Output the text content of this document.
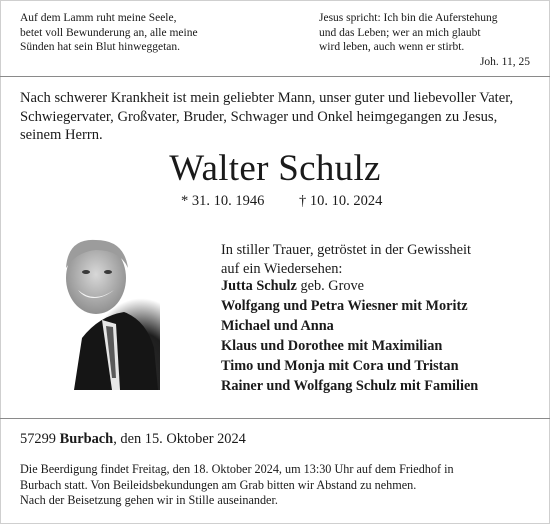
Auf dem Lamm ruht meine Seele,
betet voll Bewunderung an, alle meine
Sünden hat sein Blut hinweggetan.
Jesus spricht: Ich bin die Auferstehung
und das Leben; wer an mich glaubt
wird leben, auch wenn er stirbt.
Joh. 11, 25
Nach schwerer Krankheit ist mein geliebter Mann, unser guter und liebevoller Vater,
Schwiegervater, Großvater, Bruder, Schwager und Onkel heimgegangen zu Jesus,
seinem Herrn.
Walter Schulz
* 31. 10. 1946 † 10. 10. 2024
In stiller Trauer, getröstet in der Gewissheit
auf ein Wiedersehen:
Jutta Schulz geb. Grove
Wolfgang und Petra Wiesner mit Moritz
Michael und Anna
Klaus und Dorothee mit Maximilian
Timo und Monja mit Cora und Tristan
Rainer und Wolfgang Schulz mit Familien
57299 Burbach, den 15. Oktober 2024
Die Beerdigung findet Freitag, den 18. Oktober 2024, um 13:30 Uhr auf dem Friedhof in
Burbach statt. Von Beileidsbekundungen am Grab bitten wir Abstand zu nehmen.
Nach der Beisetzung gehen wir in Stille auseinander.
